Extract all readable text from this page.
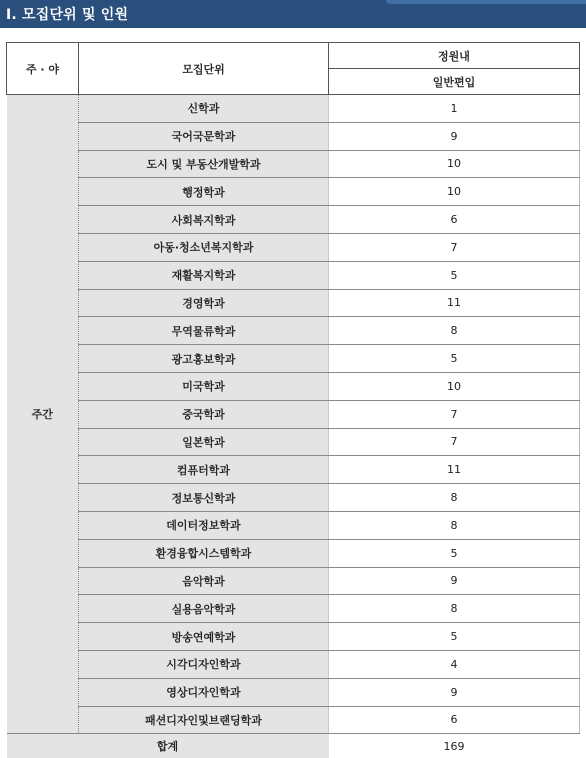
Ⅰ. 모집단위 및 인원
주 · 야	모집단위	정원내
		일반편입
주간	신학과	1
	국어국문학과	9
	도시 및 부동산개발학과	10
	행정학과	10
	사회복지학과	6
	아동·청소년복지학과	7
	재활복지학과	5
	경영학과	11
	무역물류학과	8
	광고홍보학과	5
	미국학과	10
	중국학과	7
	일본학과	7
	컴퓨터학과	11
	정보통신학과	8
	데이터정보학과	8
	환경융합시스템학과	5
	음악학과	9
	실용음악학과	8
	방송연예학과	5
	시각디자인학과	4
	영상디자인학과	9
	패션디자인및브랜딩학과	6
합계		169
